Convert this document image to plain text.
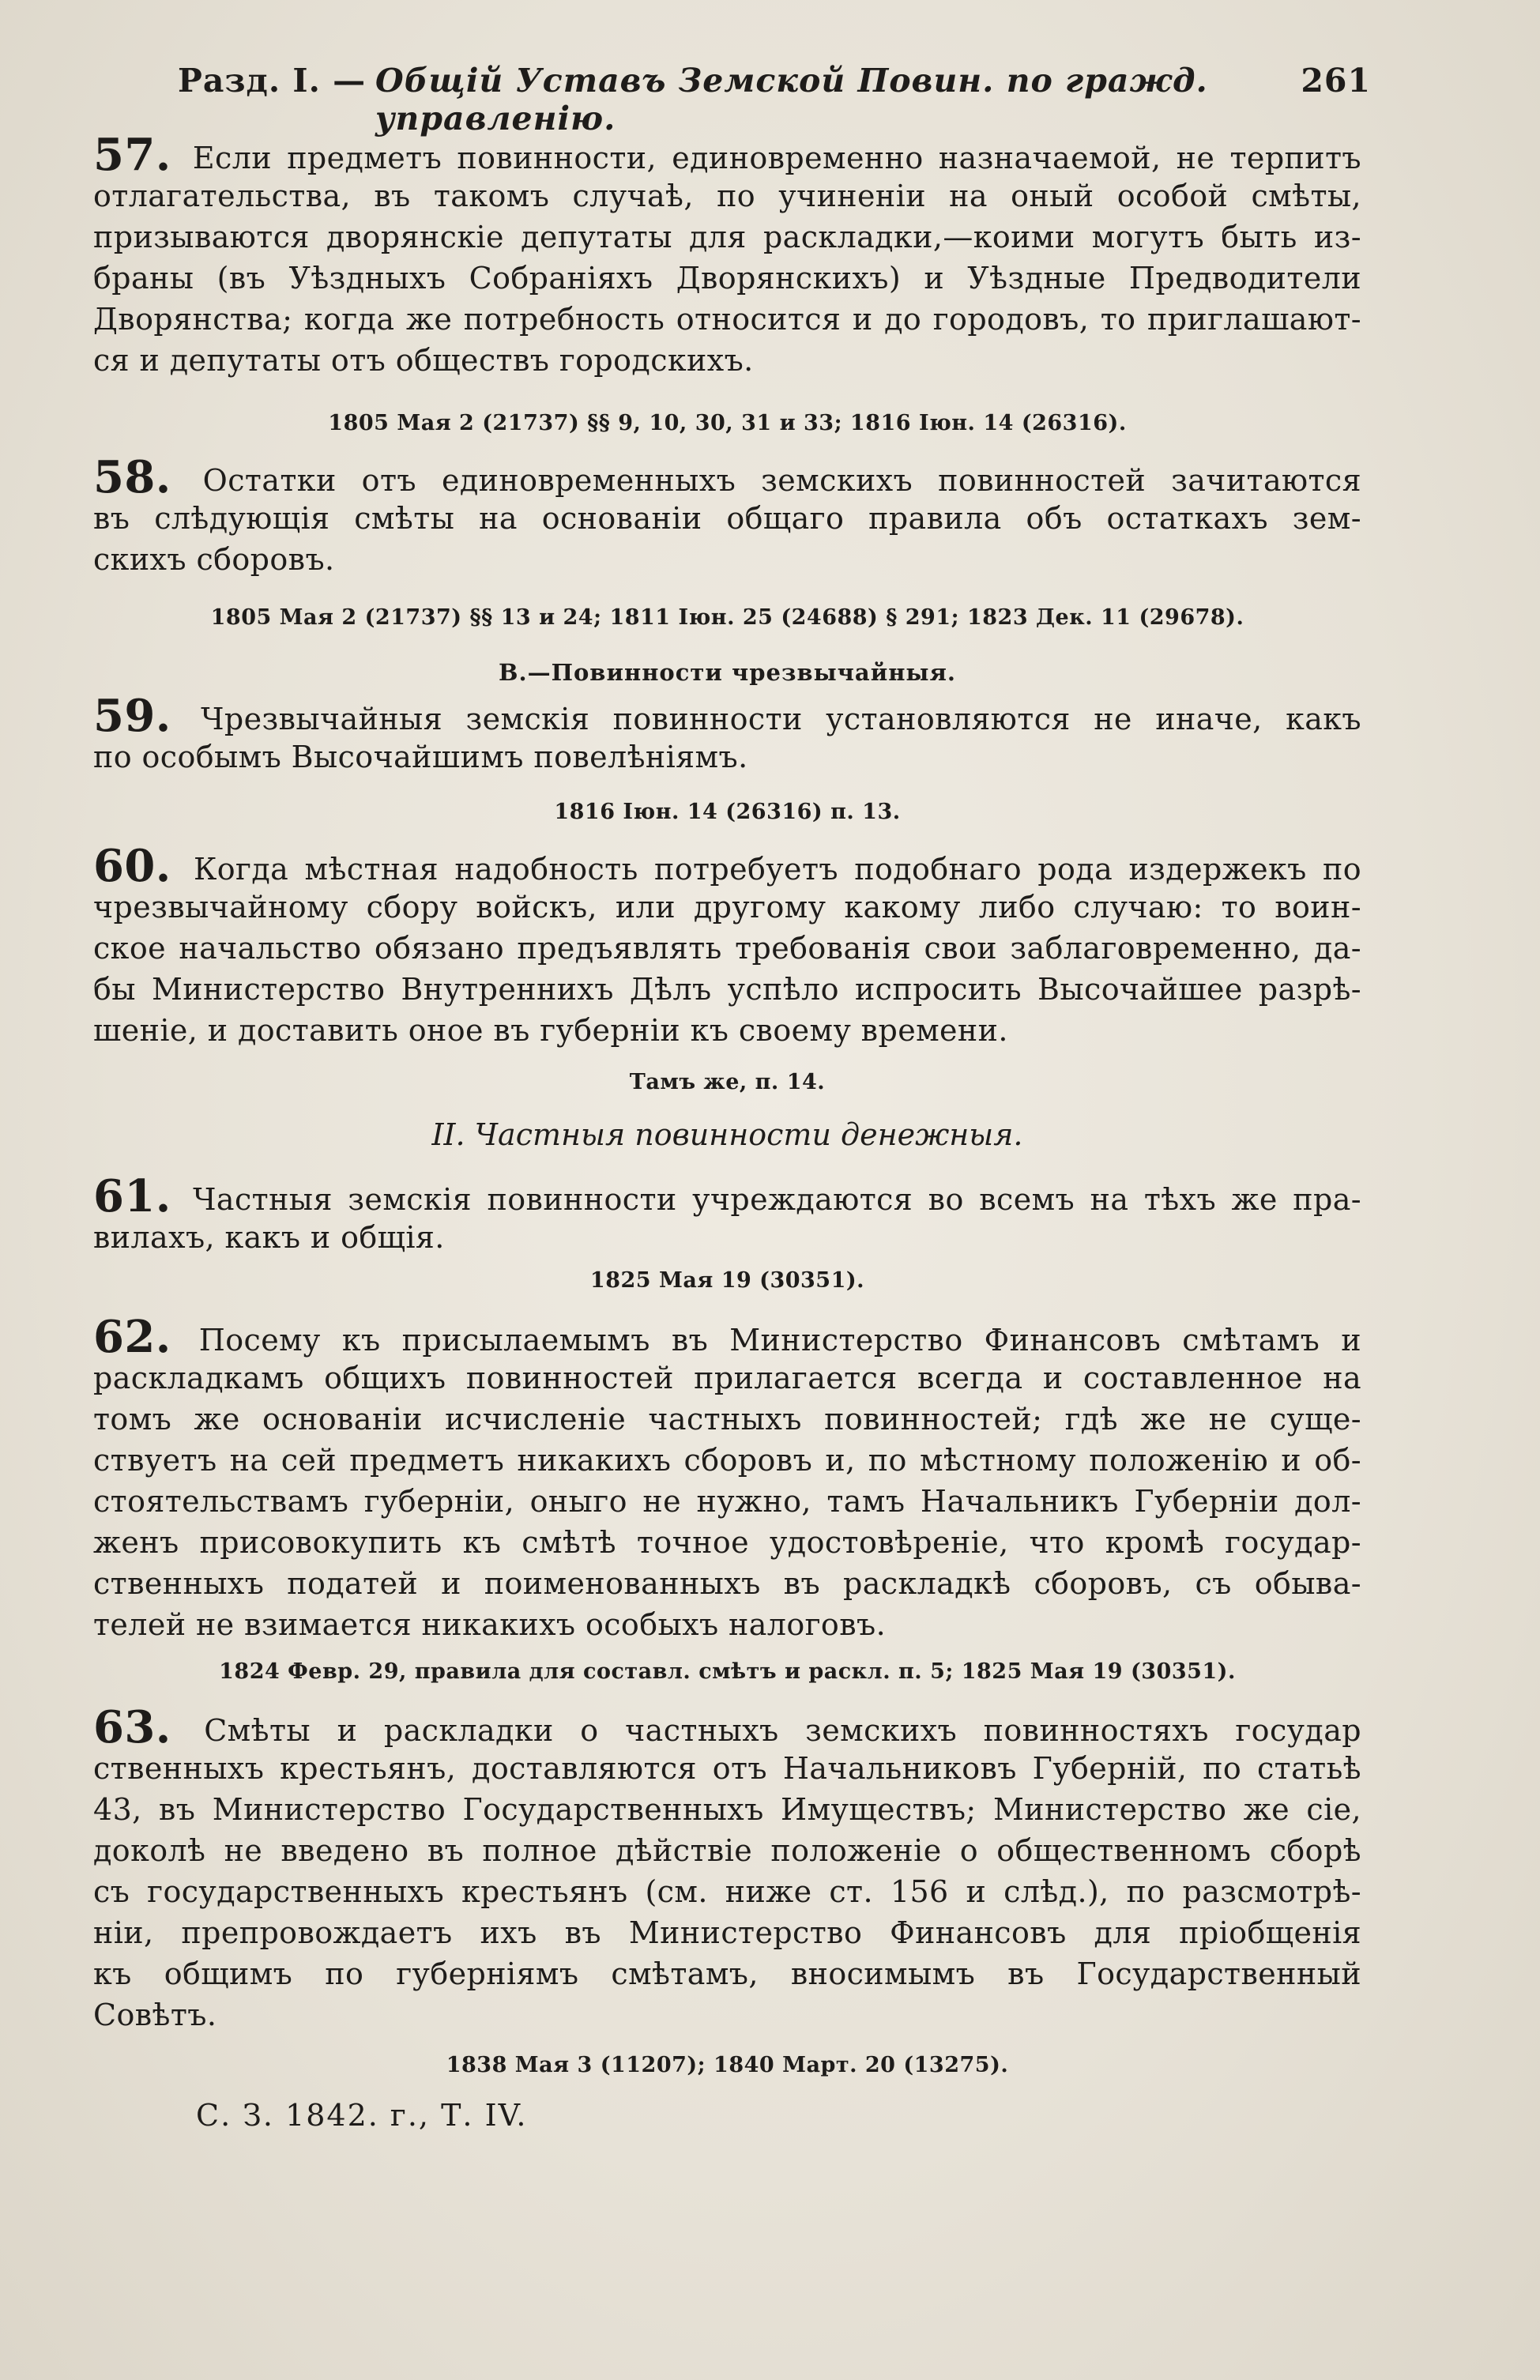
Разд. I. — Общій Уставъ Земской Повин. по гражд. управленію.
261
57. Если предметъ повинности, единовременно назначаемой, не терпитъ
отлагательства, въ такомъ случаѣ, по учиненіи на оный особой смѣты,
призываются дворянскіе депутаты для раскладки,—коими могутъ быть из-
браны (въ Уѣздныхъ Собраніяхъ Дворянскихъ) и Уѣздные Предводители
Дворянства; когда же потребность относится и до городовъ, то приглашают-
ся и депутаты отъ обществъ городскихъ.
1805 Мая 2 (21737) §§ 9, 10, 30, 31 и 33; 1816 Іюн. 14 (26316).
58. Остатки отъ единовременныхъ земскихъ повинноcтей зачитаются
въ слѣдующія смѣты на основаніи общаго правила объ остаткахъ зем-
скихъ сборовъ.
1805 Мая 2 (21737) §§ 13 и 24; 1811 Іюн. 25 (24688) § 291; 1823 Дек. 11 (29678).
В.—Повинности чрезвычайныя.
59. Чрезвычайныя земскія повинности установляются не иначе, какъ
по особымъ Высочайшимъ повелѣніямъ.
1816 Іюн. 14 (26316) п. 13.
60. Когда мѣстная надобность потребуетъ подобнаго рода издержекъ по
чрезвычайному сбору войскъ, или другому какому либо случаю: то воин-
ское начальство обязано предъявлять требованія свои заблаговременно, да-
бы Министерство Внутреннихъ Дѣлъ успѣло испросить Высочайшее разрѣ-
шеніе, и доставить оное въ губерніи къ своему времени.
Тамъ же, п. 14.
II. Частныя повинности денежныя.
61. Частныя земскія повинности учреждаются во всемъ на тѣхъ же пра-
вилахъ, какъ и общія.
1825 Мая 19 (30351).
62. Посему къ присылаемымъ въ Министерство Финансовъ смѣтамъ и
раскладкамъ общихъ повинностей прилагается всегда и составленное на
томъ же основаніи исчисленіе частныхъ повинностей; гдѣ же не суще-
ствуетъ на сей предметъ никакихъ сборовъ и, по мѣстному положенію и об-
стоятельствамъ губерніи, оныго не нужно, тамъ Начальникъ Губерніи дол-
женъ присовокупить къ смѣтѣ точное удостовѣреніе, что кромѣ государ-
ственныхъ податей и поименованныхъ въ раскладкѣ сборовъ, съ обыва-
телей не взимается никакихъ особыхъ налоговъ.
1824 Февр. 29, правила для составл. смѣтъ и раскл. п. 5; 1825 Мая 19 (30351).
63. Смѣты и раскладки о частныхъ земскихъ повинностяхъ государ
ственныхъ крестьянъ, доставляются отъ Начальниковъ Губерній, по статьѣ
43, въ Министерство Государственныхъ Имуществъ; Министерство же сіе,
доколѣ не введено въ полное дѣйствіе положеніе о общественномъ сборѣ
съ государственныхъ крестьянъ (см. ниже ст. 156 и слѣд.), по разсмотрѣ-
ніи, препровождаетъ ихъ въ Министерство Финансовъ для пріобщенія
къ общимъ по губерніямъ смѣтамъ, вносимымъ въ Государственный
Совѣтъ.
1838 Мая 3 (11207); 1840 Март. 20 (13275).
С. З. 1842. г., Т. IV.
